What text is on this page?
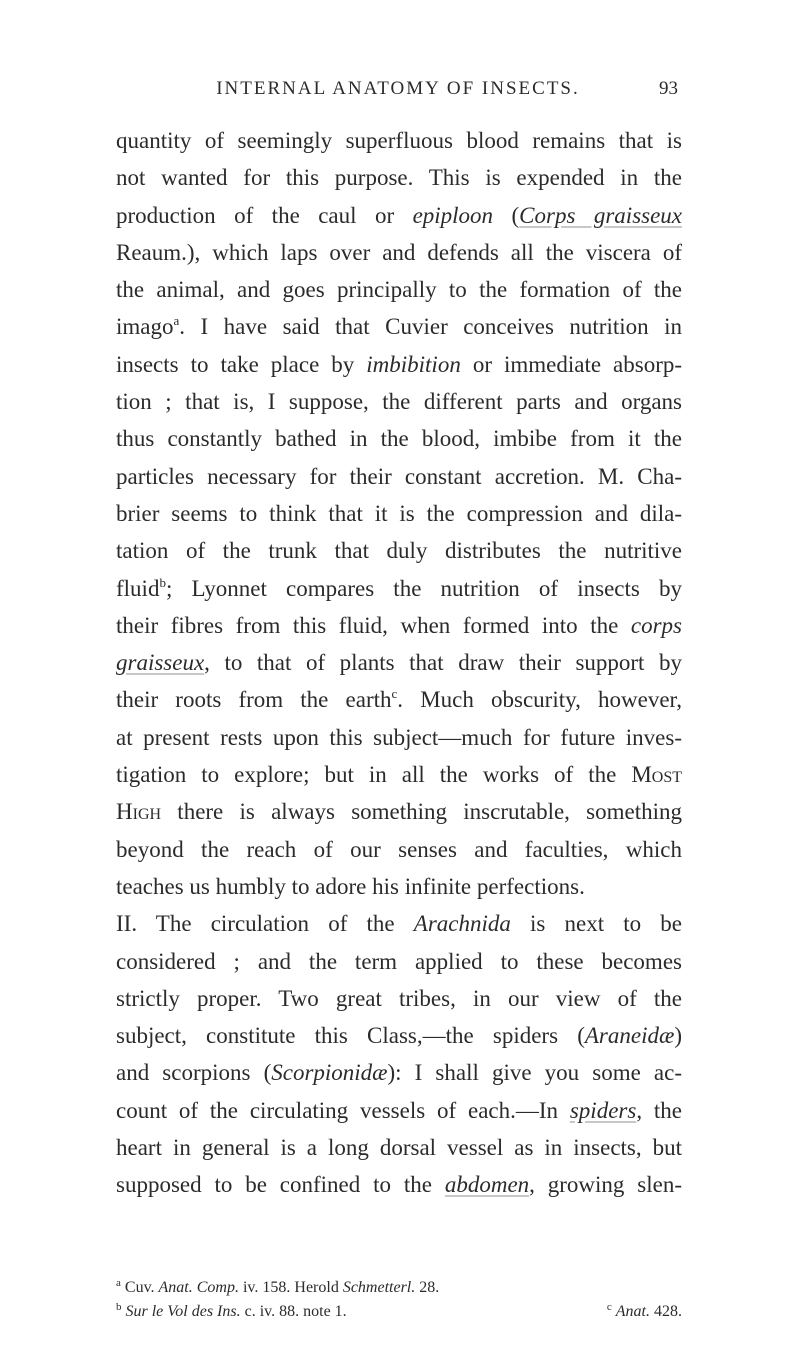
INTERNAL ANATOMY OF INSECTS.	93
quantity of seemingly superfluous blood remains that is
not wanted for this purpose. This is expended in the
production of the caul or epiploon (Corps graisseux
Reaum.), which laps over and defends all the viscera of
the animal, and goes principally to the formation of the
imago$^a$. I have said that Cuvier conceives nutrition in
insects to take place by imbibition or immediate absorp-
tion ; that is, I suppose, the different parts and organs
thus constantly bathed in the blood, imbibe from it the
particles necessary for their constant accretion. M. Cha-
brier seems to think that it is the compression and dila-
tation of the trunk that duly distributes the nutritive
fluid$^b$; Lyonnet compares the nutrition of insects by
their fibres from this fluid, when formed into the corps
graisseux, to that of plants that draw their support by
their roots from the earth$^c$. Much obscurity, however,
at present rests upon this subject—much for future inves-
tigation to explore; but in all the works of the Most
High there is always something inscrutable, something
beyond the reach of our senses and faculties, which
teaches us humbly to adore his infinite perfections.
II. The circulation of the Arachnida is next to be
considered ; and the term applied to these becomes
strictly proper. Two great tribes, in our view of the
subject, constitute this Class,—the spiders (Araneidæ)
and scorpions (Scorpionidæ): I shall give you some ac-
count of the circulating vessels of each.—In spiders, the
heart in general is a long dorsal vessel as in insects, but
supposed to be confined to the abdomen, growing slen-
$^a$ Cuv. Anat. Comp. iv. 158. Herold Schmetterl. 28.
$^b$ Sur le Vol des Ins. c. iv. 88. note 1.	$^c$ Anat. 428.
